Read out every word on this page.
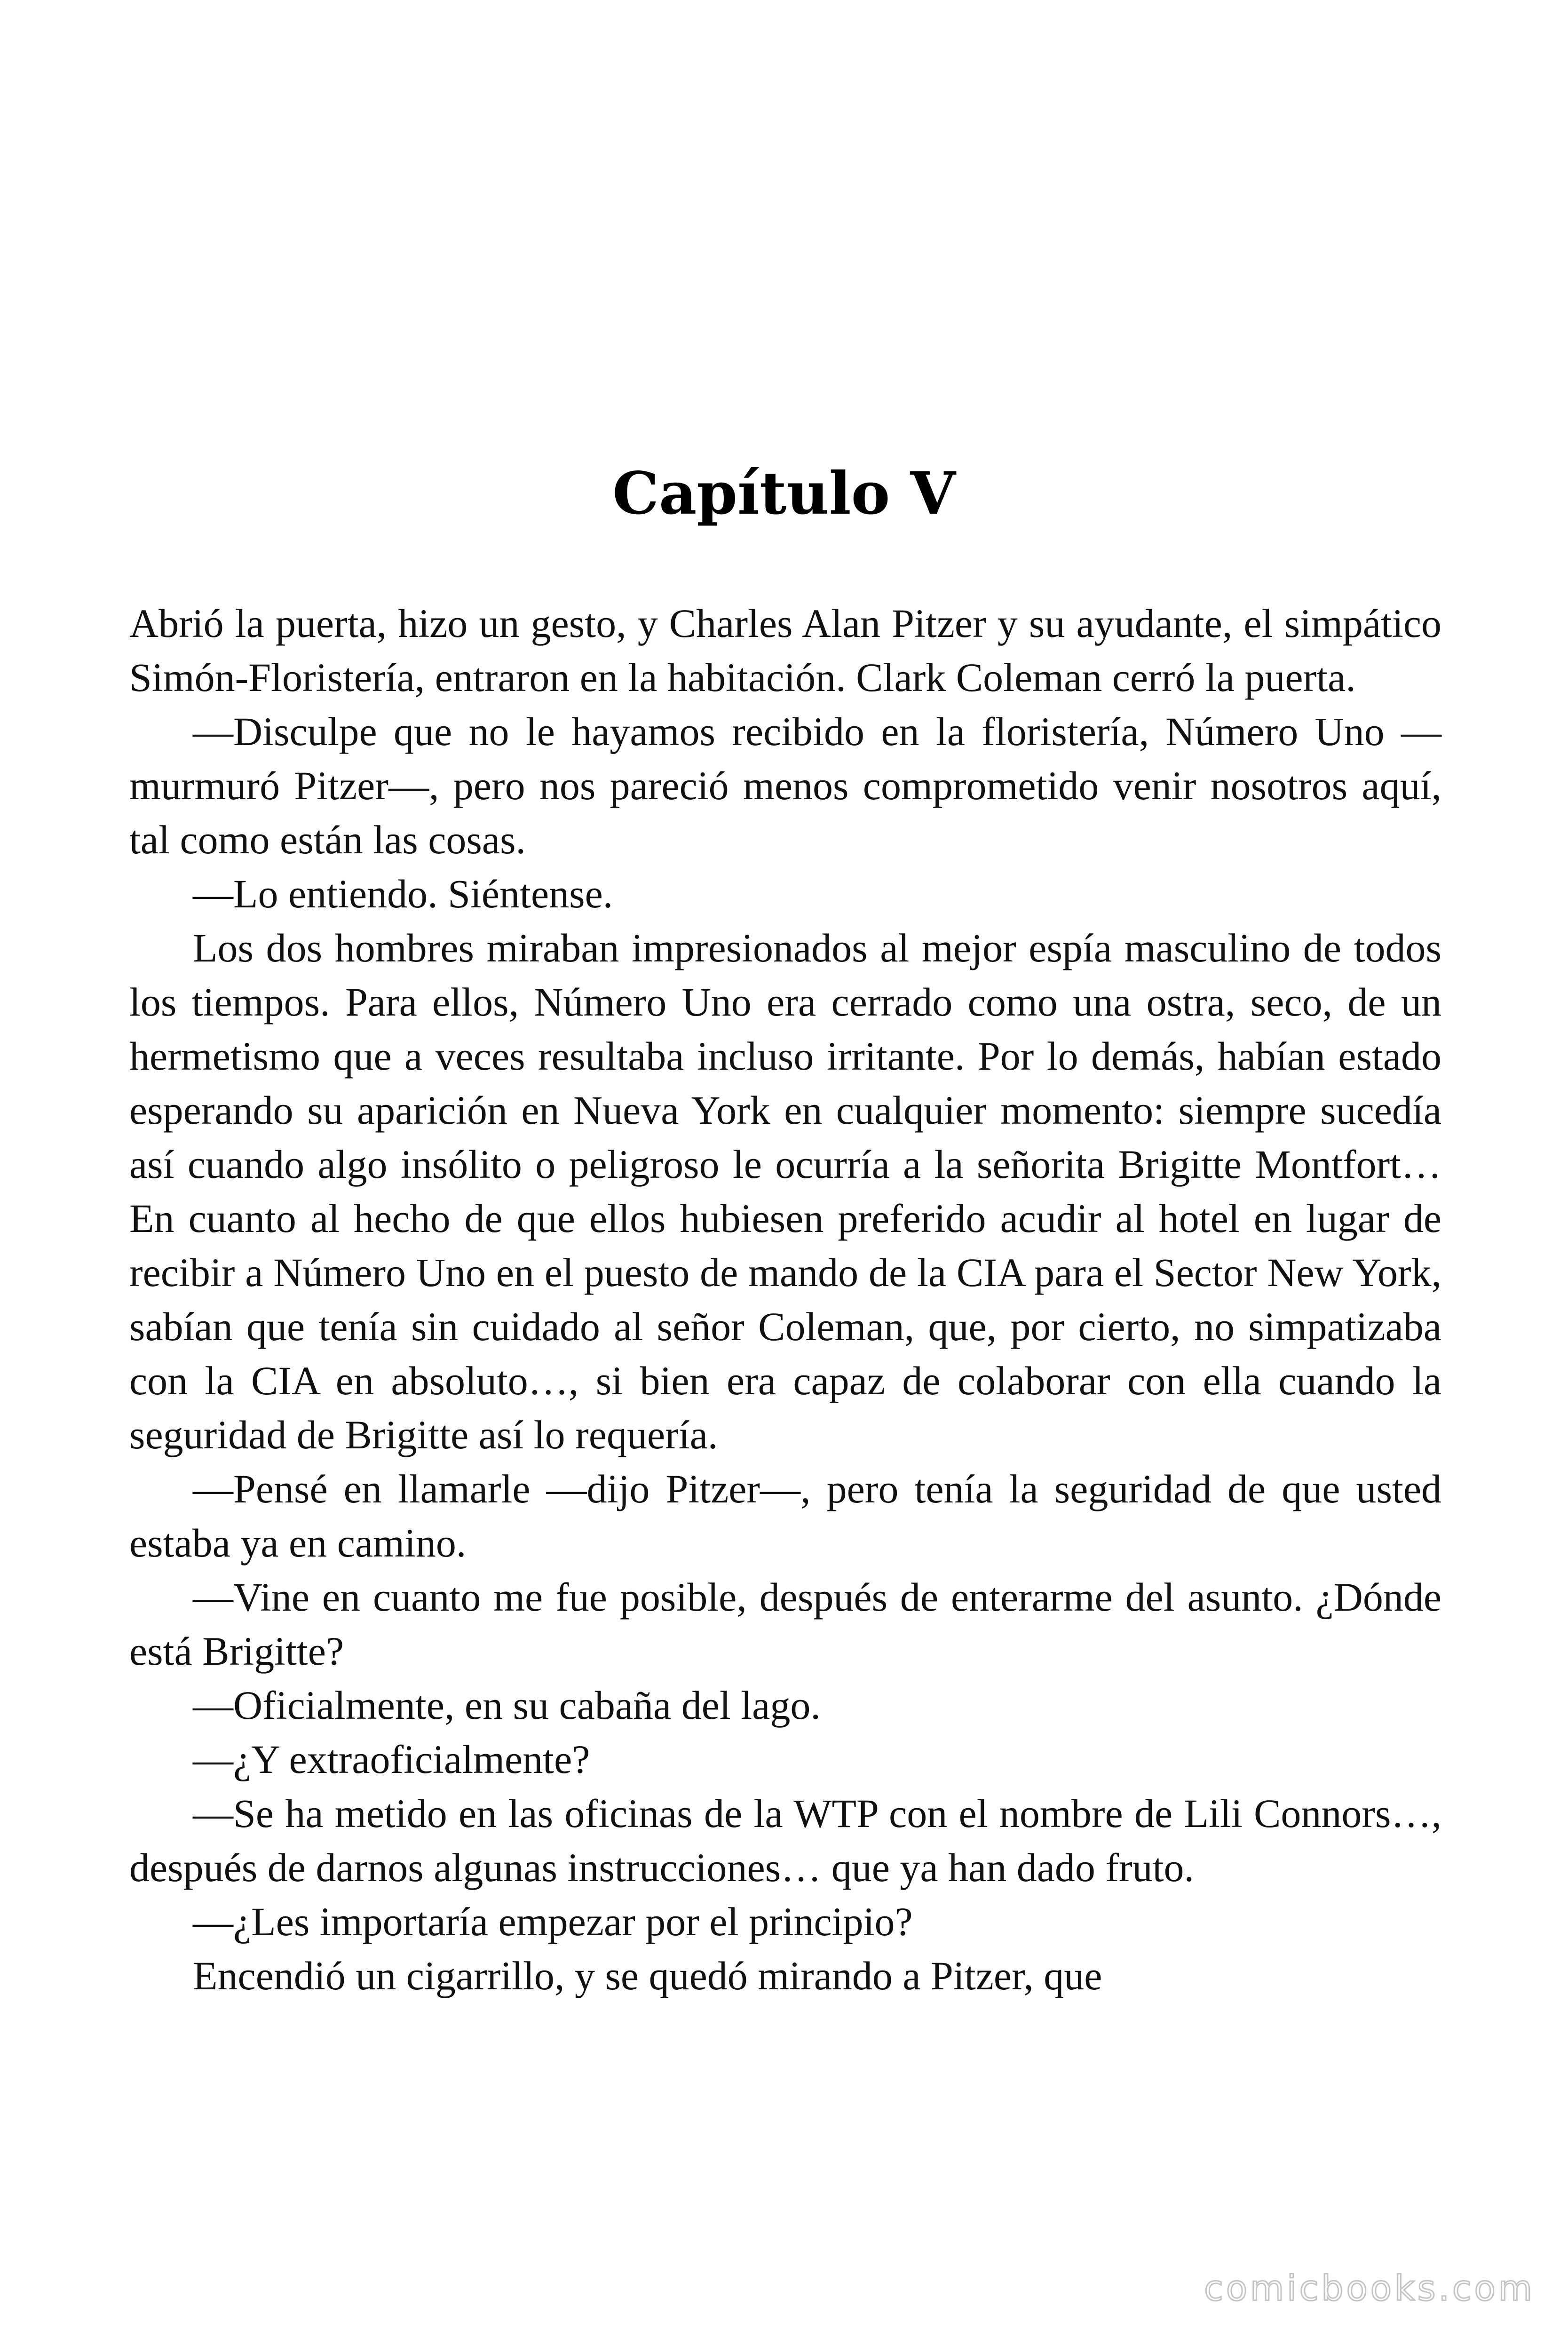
Capítulo V

Abrió la puerta, hizo un gesto, y Charles Alan Pitzer y su ayudante, el simpático Simón-Floristería, entraron en la habitación. Clark Coleman cerró la puerta.

—Disculpe que no le hayamos recibido en la floristería, Número Uno —murmuró Pitzer—, pero nos pareció menos comprometido venir nosotros aquí, tal como están las cosas.

—Lo entiendo. Siéntense.

Los dos hombres miraban impresionados al mejor espía masculino de todos los tiempos. Para ellos, Número Uno era cerrado como una ostra, seco, de un hermetismo que a veces resultaba incluso irritante. Por lo demás, habían estado esperando su aparición en Nueva York en cualquier momento: siempre sucedía así cuando algo insólito o peligroso le ocurría a la señorita Brigitte Montfort… En cuanto al hecho de que ellos hubiesen preferido acudir al hotel en lugar de recibir a Número Uno en el puesto de mando de la CIA para el Sector New York, sabían que tenía sin cuidado al señor Coleman, que, por cierto, no simpatizaba con la CIA en absoluto…, si bien era capaz de colaborar con ella cuando la seguridad de Brigitte así lo requería.

—Pensé en llamarle —dijo Pitzer—, pero tenía la seguridad de que usted estaba ya en camino.

—Vine en cuanto me fue posible, después de enterarme del asunto. ¿Dónde está Brigitte?

—Oficialmente, en su cabaña del lago.

—¿Y extraoficialmente?

—Se ha metido en las oficinas de la WTP con el nombre de Lili Connors…, después de darnos algunas instrucciones… que ya han dado fruto.

—¿Les importaría empezar por el principio?

Encendió un cigarrillo, y se quedó mirando a Pitzer, que

comicbooks.com
